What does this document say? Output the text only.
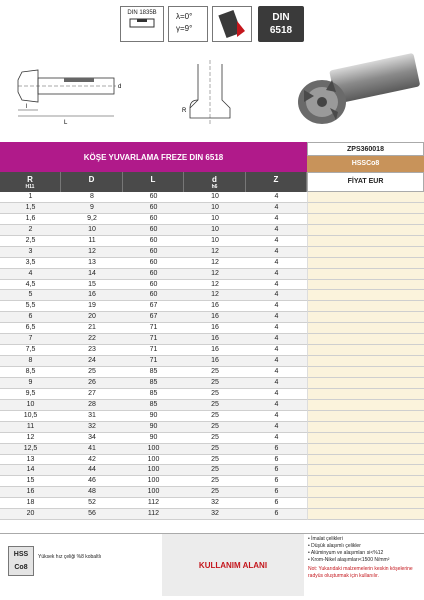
DIN 1835B	λ=0°
γ=9°
DIN
6518
l
L
d
R
KÖŞE YUVARLAMA FREZE DIN 6518
ZPS360018
HSSCo8
R
H11
D	L	d
h6
Z	FİYAT EUR
1	8	60	10	4
1,5	9	60	10	4
1,6	9,2	60	10	4
2	10	60	10	4
2,5	11	60	10	4
3	12	60	12	4
3,5	13	60	12	4
4	14	60	12	4
4,5	15	60	12	4
5	16	60	12	4
5,5	19	67	16	4
6	20	67	16	4
6,5	21	71	16	4
7	22	71	16	4
7,5	23	71	16	4
8	24	71	16	4
8,5	25	85	25	4
9	26	85	25	4
9,5	27	85	25	4
10	28	85	25	4
10,5	31	90	25	4
11	32	90	25	4
12	34	90	25	4
12,5	41	100	25	6
13	42	100	25	6
14	44	100	25	6
15	46	100	25	6
16	48	100	25	6
18	52	112	32	6
20	56	112	32	6
HSS
Co8
Yüksek hız çeliği %8 kobaltlı
KULLANIM ALANI
• İmalat çelikleri
• Düşük alaşımlı çelikler
• Alüminyum ve alaşımları si<%12
• Krom-Nikel alaşımları<1500 N/mm²
Not: Yukarıdaki malzemelerin keskin köşelerine radyüs oluşturmak için kullanılır.
